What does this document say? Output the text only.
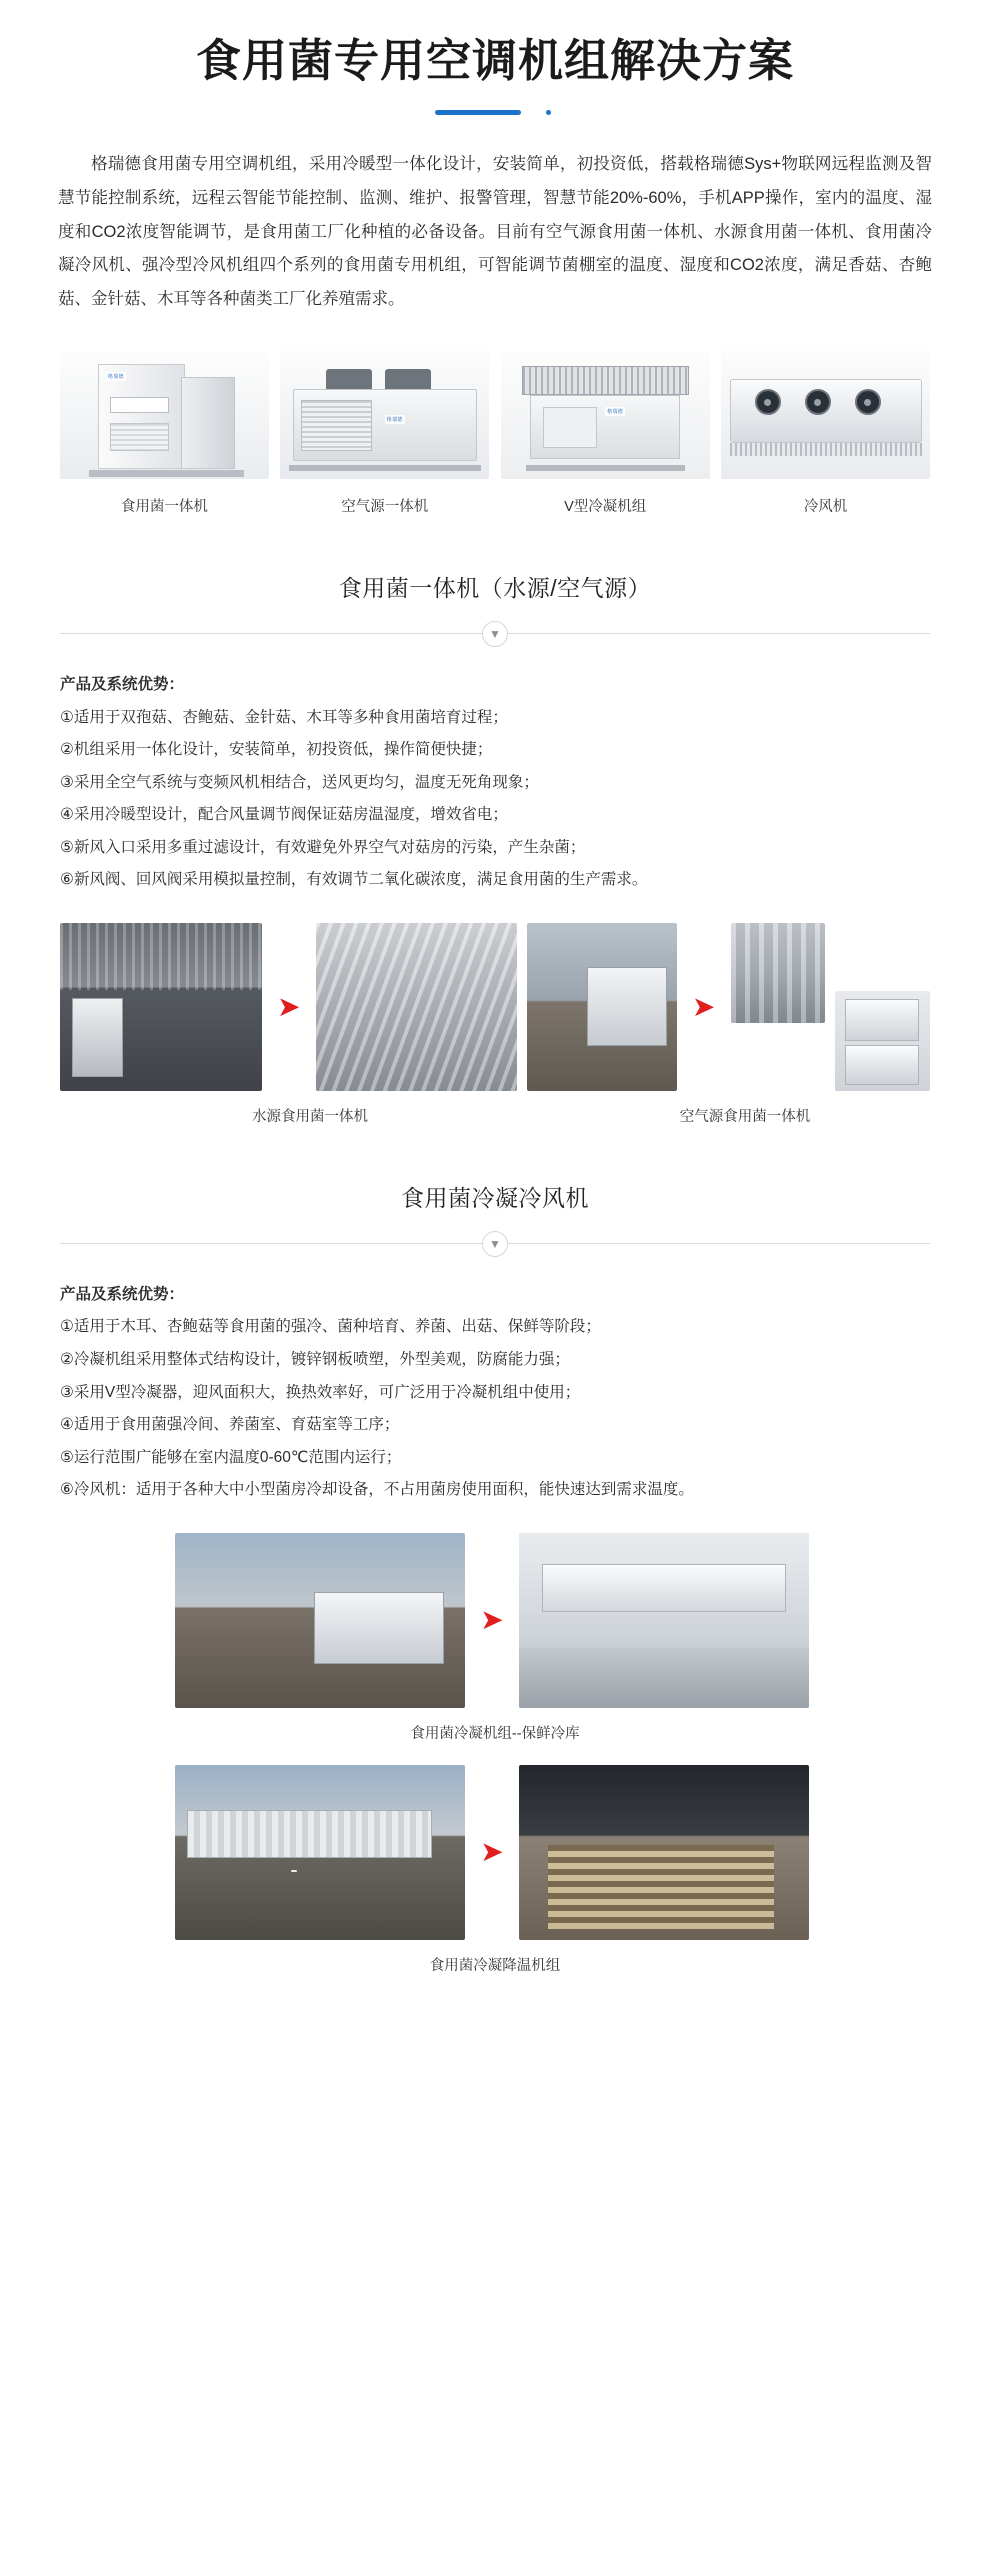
食用菌专用空调机组解决方案
格瑞德食用菌专用空调机组，采用冷暖型一体化设计，安装简单，初投资低，搭载格瑞德Sys+物联网远程监测及智慧节能控制系统，远程云智能节能控制、监测、维护、报警管理，智慧节能20%-60%，手机APP操作，室内的温度、湿度和CO2浓度智能调节，是食用菌工厂化种植的必备设备。目前有空气源食用菌一体机、水源食用菌一体机、食用菌冷凝冷风机、强冷型冷风机组四个系列的食用菌专用机组，可智能调节菌棚室的温度、湿度和CO2浓度，满足香菇、杏鲍菇、金针菇、木耳等各种菌类工厂化养殖需求。
格瑞德
食用菌一体机
格瑞德
空气源一体机
格瑞德
V型冷凝机组	冷风机
食用菌一体机（水源/空气源）
▼
产品及系统优势：
①适用于双孢菇、杏鲍菇、金针菇、木耳等多种食用菌培育过程；
②机组采用一体化设计，安装简单，初投资低，操作简便快捷；
③采用全空气系统与变频风机相结合，送风更均匀，温度无死角现象；
④采用冷暖型设计，配合风量调节阀保证菇房温湿度，增效省电；
⑤新风入口采用多重过滤设计，有效避免外界空气对菇房的污染，产生杂菌；
⑥新风阀、回风阀采用模拟量控制，有效调节二氧化碳浓度，满足食用菌的生产需求。
➤	➤
水源食用菌一体机	空气源食用菌一体机
食用菌冷凝冷风机
▼
产品及系统优势：
①适用于木耳、杏鲍菇等食用菌的强冷、菌种培育、养菌、出菇、保鲜等阶段；
②冷凝机组采用整体式结构设计，镀锌钢板喷塑，外型美观，防腐能力强；
③采用V型冷凝器，迎风面积大，换热效率好，可广泛用于冷凝机组中使用；
④适用于食用菌强冷间、养菌室、育菇室等工序；
⑤运行范围广能够在室内温度0-60℃范围内运行；
⑥冷风机：适用于各种大中小型菌房冷却设备，不占用菌房使用面积，能快速达到需求温度。
➤
食用菌冷凝机组--保鲜冷库
➤
食用菌冷凝降温机组
